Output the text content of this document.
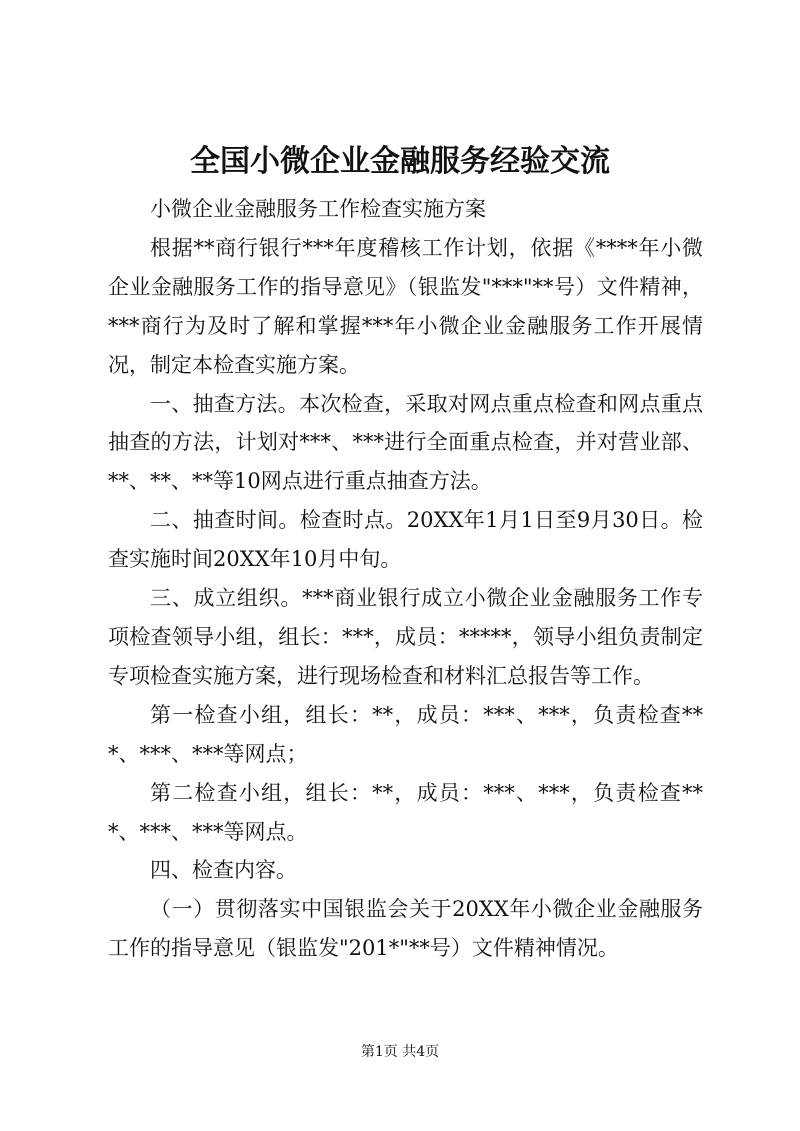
全国小微企业金融服务经验交流

小微企业金融服务工作检查实施方案

根据**商行银行***年度稽核工作计划，依据《****年小微企业金融服务工作的指导意见》（银监发"***"**号）文件精神，***商行为及时了解和掌握***年小微企业金融服务工作开展情况，制定本检查实施方案。

一、抽查方法。本次检查，采取对网点重点检查和网点重点抽查的方法，计划对***、***进行全面重点检查，并对营业部、**、**、**等10网点进行重点抽查方法。

二、抽查时间。检查时点。20XX年1月1日至9月30日。检查实施时间20XX年10月中旬。

三、成立组织。***商业银行成立小微企业金融服务工作专项检查领导小组，组长：***，成员：*****，领导小组负责制定专项检查实施方案，进行现场检查和材料汇总报告等工作。

第一检查小组，组长：**，成员：***、***，负责检查***、***、***等网点；

第二检查小组，组长：**，成员：***、***，负责检查***、***、***等网点。

四、检查内容。

（一）贯彻落实中国银监会关于20XX年小微企业金融服务工作的指导意见（银监发"201*"**号）文件精神情况。

第1页 共4页
